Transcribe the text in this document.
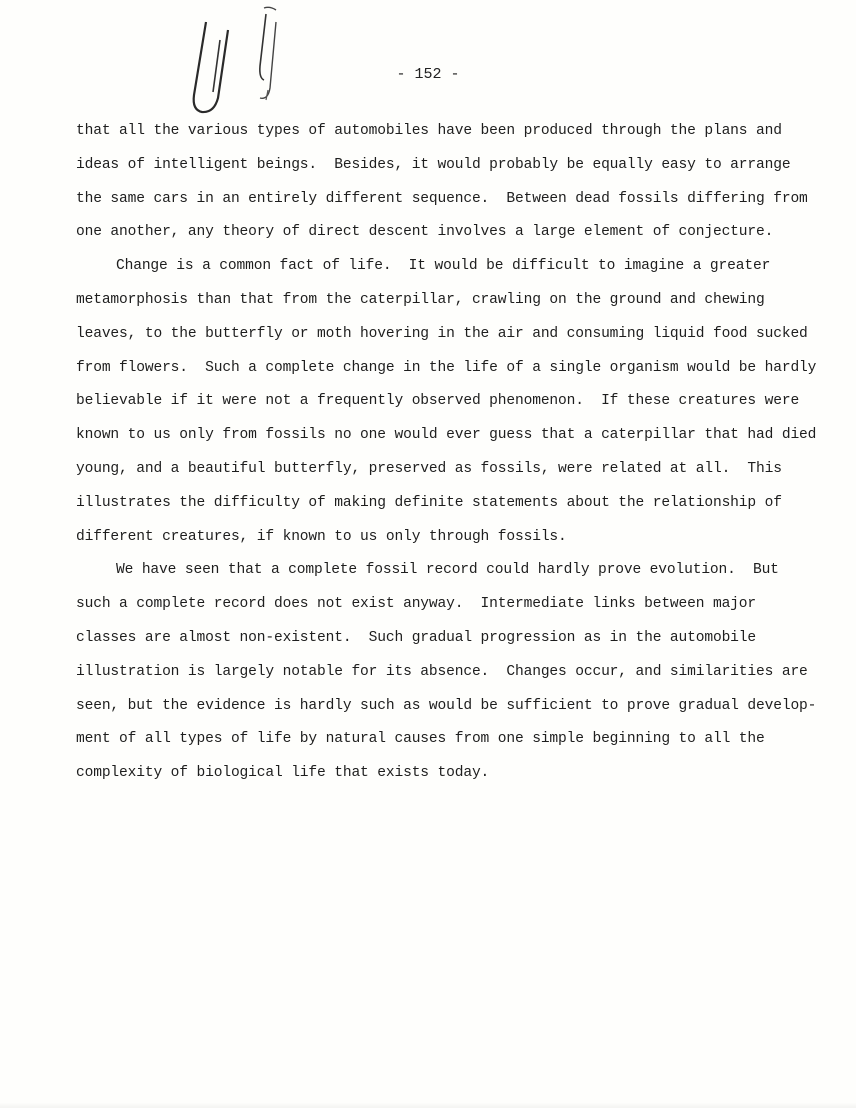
- 152 -
that all the various types of automobiles have been produced through the plans and
ideas of intelligent beings.  Besides, it would probably be equally easy to arrange
the same cars in an entirely different sequence.  Between dead fossils differing from
one another, any theory of direct descent involves a large element of conjecture.
Change is a common fact of life.  It would be difficult to imagine a greater
metamorphosis than that from the caterpillar, crawling on the ground and chewing
leaves, to the butterfly or moth hovering in the air and consuming liquid food sucked
from flowers.  Such a complete change in the life of a single organism would be hardly
believable if it were not a frequently observed phenomenon.  If these creatures were
known to us only from fossils no one would ever guess that a caterpillar that had died
young, and a beautiful butterfly, preserved as fossils, were related at all.  This
illustrates the difficulty of making definite statements about the relationship of
different creatures, if known to us only through fossils.
We have seen that a complete fossil record could hardly prove evolution.  But
such a complete record does not exist anyway.  Intermediate links between major
classes are almost non-existent.  Such gradual progression as in the automobile
illustration is largely notable for its absence.  Changes occur, and similarities are
seen, but the evidence is hardly such as would be sufficient to prove gradual develop-
ment of all types of life by natural causes from one simple beginning to all the
complexity of biological life that exists today.
